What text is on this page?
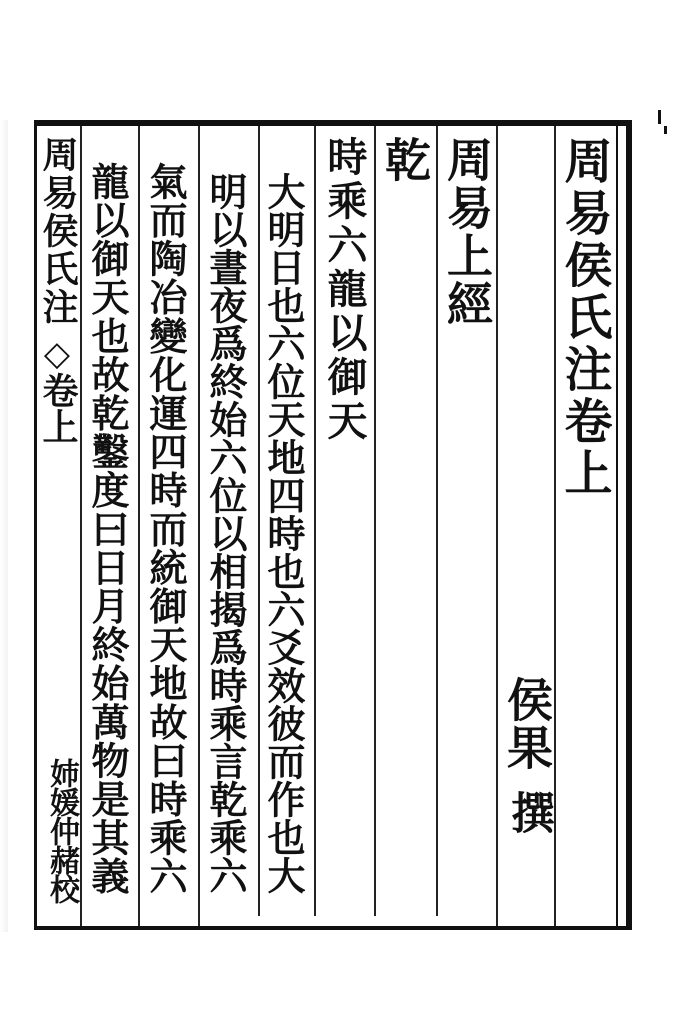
周易侯氏注卷上
侯果
撰
周易上經
乾
時乘六龍以御天
大明日也六位天地四時也六爻效彼而作也大
明以晝夜爲終始六位以相揭爲時乘言乾乘六
氣而陶冶變化運四時而統御天地故曰時乘六
龍以御天也故乾鑿度曰日月終始萬物是其義
周易侯氏注
◇
卷上
姉媛仲赭校
